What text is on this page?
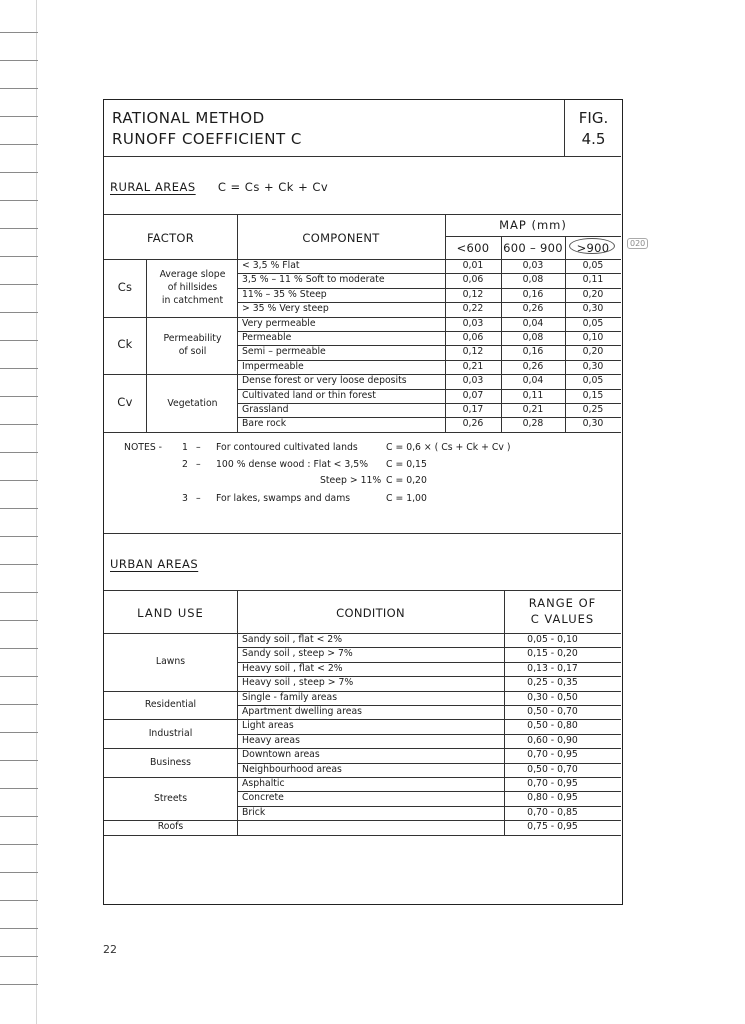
RATIONAL METHOD
RUNOFF COEFFICIENT C
FIG.
4.5
RURAL AREAS C = Cs + Ck + Cv
FACTOR	COMPONENT
MAP (mm)
<600	600 – 900	>900
Cs
Average slope
of hillsides
in catchment
< 3,5 % Flat	0,01	0,03	0,05
3,5 % – 11 % Soft to moderate	0,06	0,08	0,11
11% – 35 % Steep	0,12	0,16	0,20
> 35 % Very steep	0,22	0,26	0,30
Ck	Permeability
of soil
Very permeable	0,03	0,04	0,05
Permeable	0,06	0,08	0,10
Semi – permeable	0,12	0,16	0,20
Impermeable	0,21	0,26	0,30
Cv	Vegetation
Dense forest or very loose deposits	0,03	0,04	0,05
Cultivated land or thin forest	0,07	0,11	0,15
Grassland	0,17	0,21	0,25
Bare rock	0,26	0,28	0,30
NOTES - 1 – For contoured cultivated lands	C = 0,6 × ( Cs + Ck + Cv )
2 – 100 % dense wood : Flat < 3,5% C = 0,15
Steep > 11% C = 0,20
3 – For lakes, swamps and dams	C = 1,00
URBAN AREAS
LAND USE	CONDITION
RANGE OF
C VALUES
Lawns
Sandy soil , flat < 2%	0,05 - 0,10
Sandy soil , steep > 7%	0,15 - 0,20
Heavy soil , flat < 2%	0,13 - 0,17
Heavy soil , steep > 7%	0,25 - 0,35
Residential
Single - family areas	0,30 - 0,50
Apartment dwelling areas	0,50 - 0,70
Industrial
Light areas	0,50 - 0,80
Heavy areas	0,60 - 0,90
Business
Downtown areas	0,70 - 0,95
Neighbourhood areas	0,50 - 0,70
Streets
Asphaltic	0,70 - 0,95
Concrete	0,80 - 0,95
Brick	0,70 - 0,85
Roofs	0,75 - 0,95
020
22
